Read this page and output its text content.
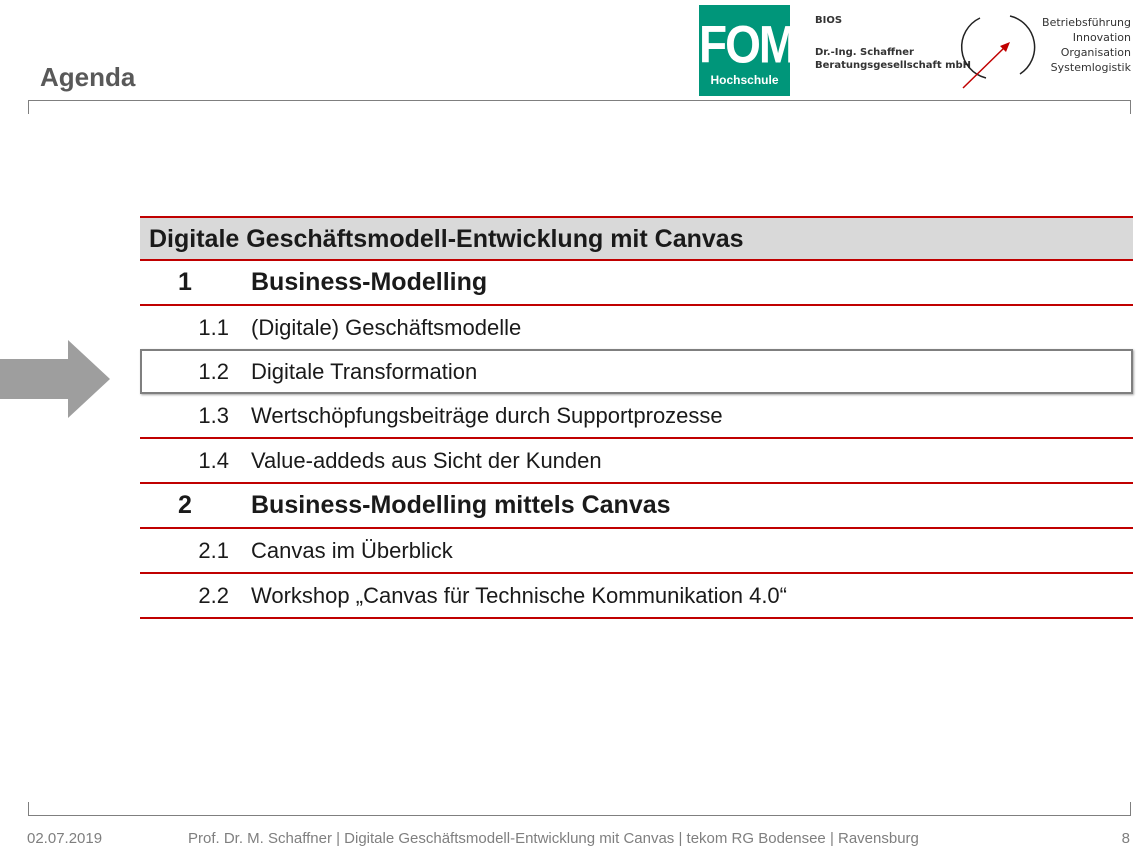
Agenda
FOM
Hochschule
BIOS
Dr.-Ing. Schaffner
Beratungsgesellschaft mbH
Betriebsführung
Innovation
Organisation
Systemlogistik
Digitale Geschäftsmodell-Entwicklung mit Canvas
1	Business-Modelling
1.1	(Digitale) Geschäftsmodelle
1.2	Digitale Transformation
1.3	Wertschöpfungsbeiträge durch Supportprozesse
1.4	Value-addeds aus Sicht der Kunden
2	Business-Modelling mittels Canvas
2.1	Canvas im Überblick
2.2	Workshop „Canvas für Technische Kommunikation 4.0“
02.07.2019	Prof. Dr. M. Schaffner | Digitale Geschäftsmodell-Entwicklung mit Canvas | tekom RG Bodensee | Ravensburg	8
